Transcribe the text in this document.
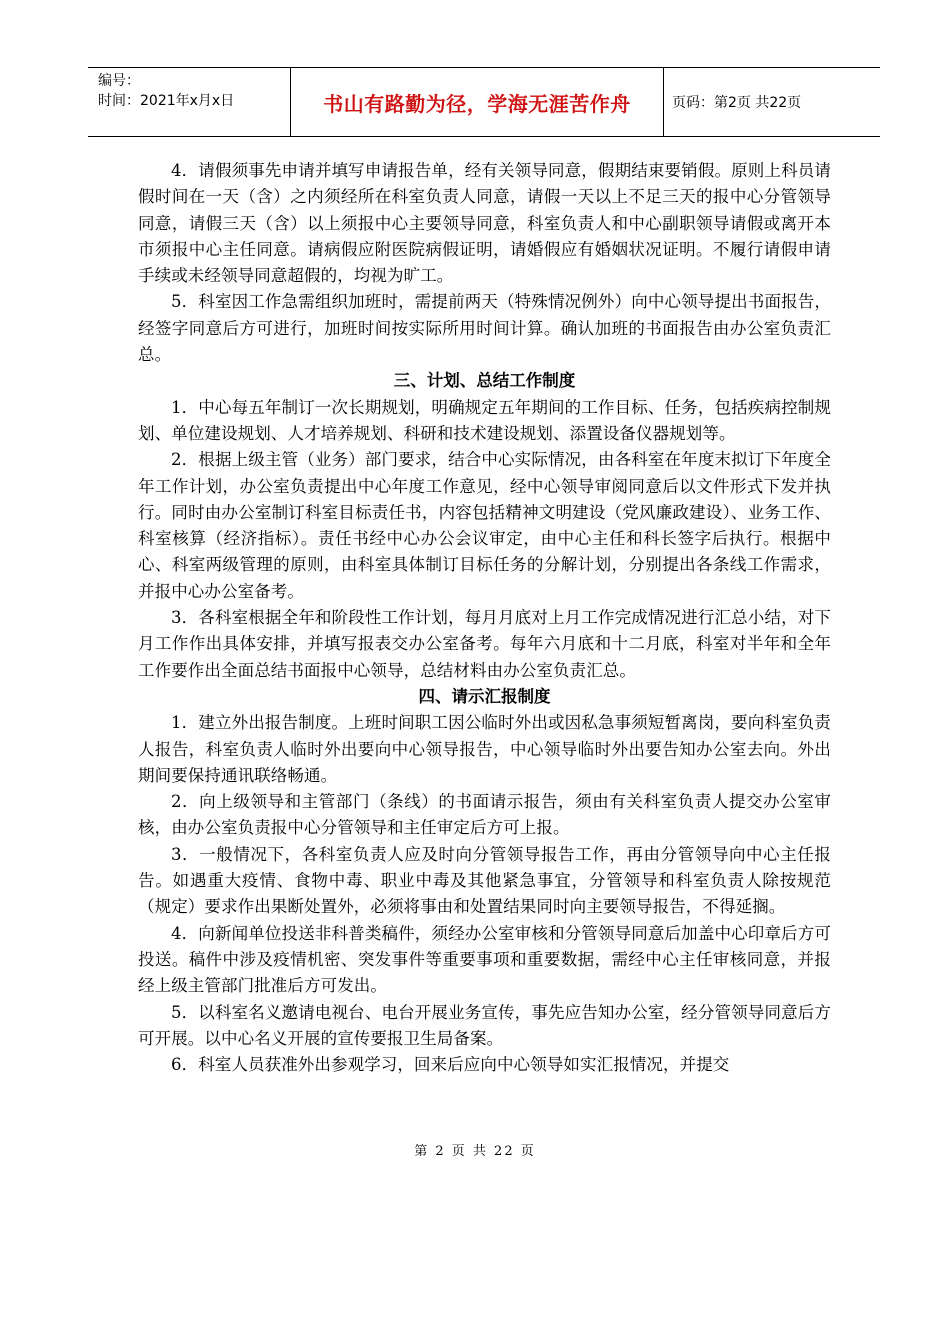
编号：
时间：2021年x月x日	书山有路勤为径，学海无涯苦作舟	页码：第2页 共22页

4．请假须事先申请并填写申请报告单，经有关领导同意，假期结束要销假。原则上科员请假时间在一天（含）之内须经所在科室负责人同意，请假一天以上不足三天的报中心分管领导同意，请假三天（含）以上须报中心主要领导同意，科室负责人和中心副职领导请假或离开本市须报中心主任同意。请病假应附医院病假证明，请婚假应有婚姻状况证明。不履行请假申请手续或未经领导同意超假的，均视为旷工。

5．科室因工作急需组织加班时，需提前两天（特殊情况例外）向中心领导提出书面报告，经签字同意后方可进行，加班时间按实际所用时间计算。确认加班的书面报告由办公室负责汇总。

三、计划、总结工作制度

1．中心每五年制订一次长期规划，明确规定五年期间的工作目标、任务，包括疾病控制规划、单位建设规划、人才培养规划、科研和技术建设规划、添置设备仪器规划等。

2．根据上级主管（业务）部门要求，结合中心实际情况，由各科室在年度末拟订下年度全年工作计划，办公室负责提出中心年度工作意见，经中心领导审阅同意后以文件形式下发并执行。同时由办公室制订科室目标责任书，内容包括精神文明建设（党风廉政建设）、业务工作、科室核算（经济指标）。责任书经中心办公会议审定，由中心主任和科长签字后执行。根据中心、科室两级管理的原则，由科室具体制订目标任务的分解计划，分别提出各条线工作需求，并报中心办公室备考。

3．各科室根据全年和阶段性工作计划，每月月底对上月工作完成情况进行汇总小结，对下月工作作出具体安排，并填写报表交办公室备考。每年六月底和十二月底，科室对半年和全年工作要作出全面总结书面报中心领导，总结材料由办公室负责汇总。

四、请示汇报制度

1．建立外出报告制度。上班时间职工因公临时外出或因私急事须短暂离岗，要向科室负责人报告，科室负责人临时外出要向中心领导报告，中心领导临时外出要告知办公室去向。外出期间要保持通讯联络畅通。

2．向上级领导和主管部门（条线）的书面请示报告，须由有关科室负责人提交办公室审核，由办公室负责报中心分管领导和主任审定后方可上报。

3．一般情况下，各科室负责人应及时向分管领导报告工作，再由分管领导向中心主任报告。如遇重大疫情、食物中毒、职业中毒及其他紧急事宜，分管领导和科室负责人除按规范（规定）要求作出果断处置外，必须将事由和处置结果同时向主要领导报告，不得延搁。

4．向新闻单位投送非科普类稿件，须经办公室审核和分管领导同意后加盖中心印章后方可投送。稿件中涉及疫情机密、突发事件等重要事项和重要数据，需经中心主任审核同意，并报经上级主管部门批准后方可发出。

5．以科室名义邀请电视台、电台开展业务宣传，事先应告知办公室，经分管领导同意后方可开展。以中心名义开展的宣传要报卫生局备案。

6．科室人员获准外出参观学习，回来后应向中心领导如实汇报情况，并提交

第 2 页 共 22 页
